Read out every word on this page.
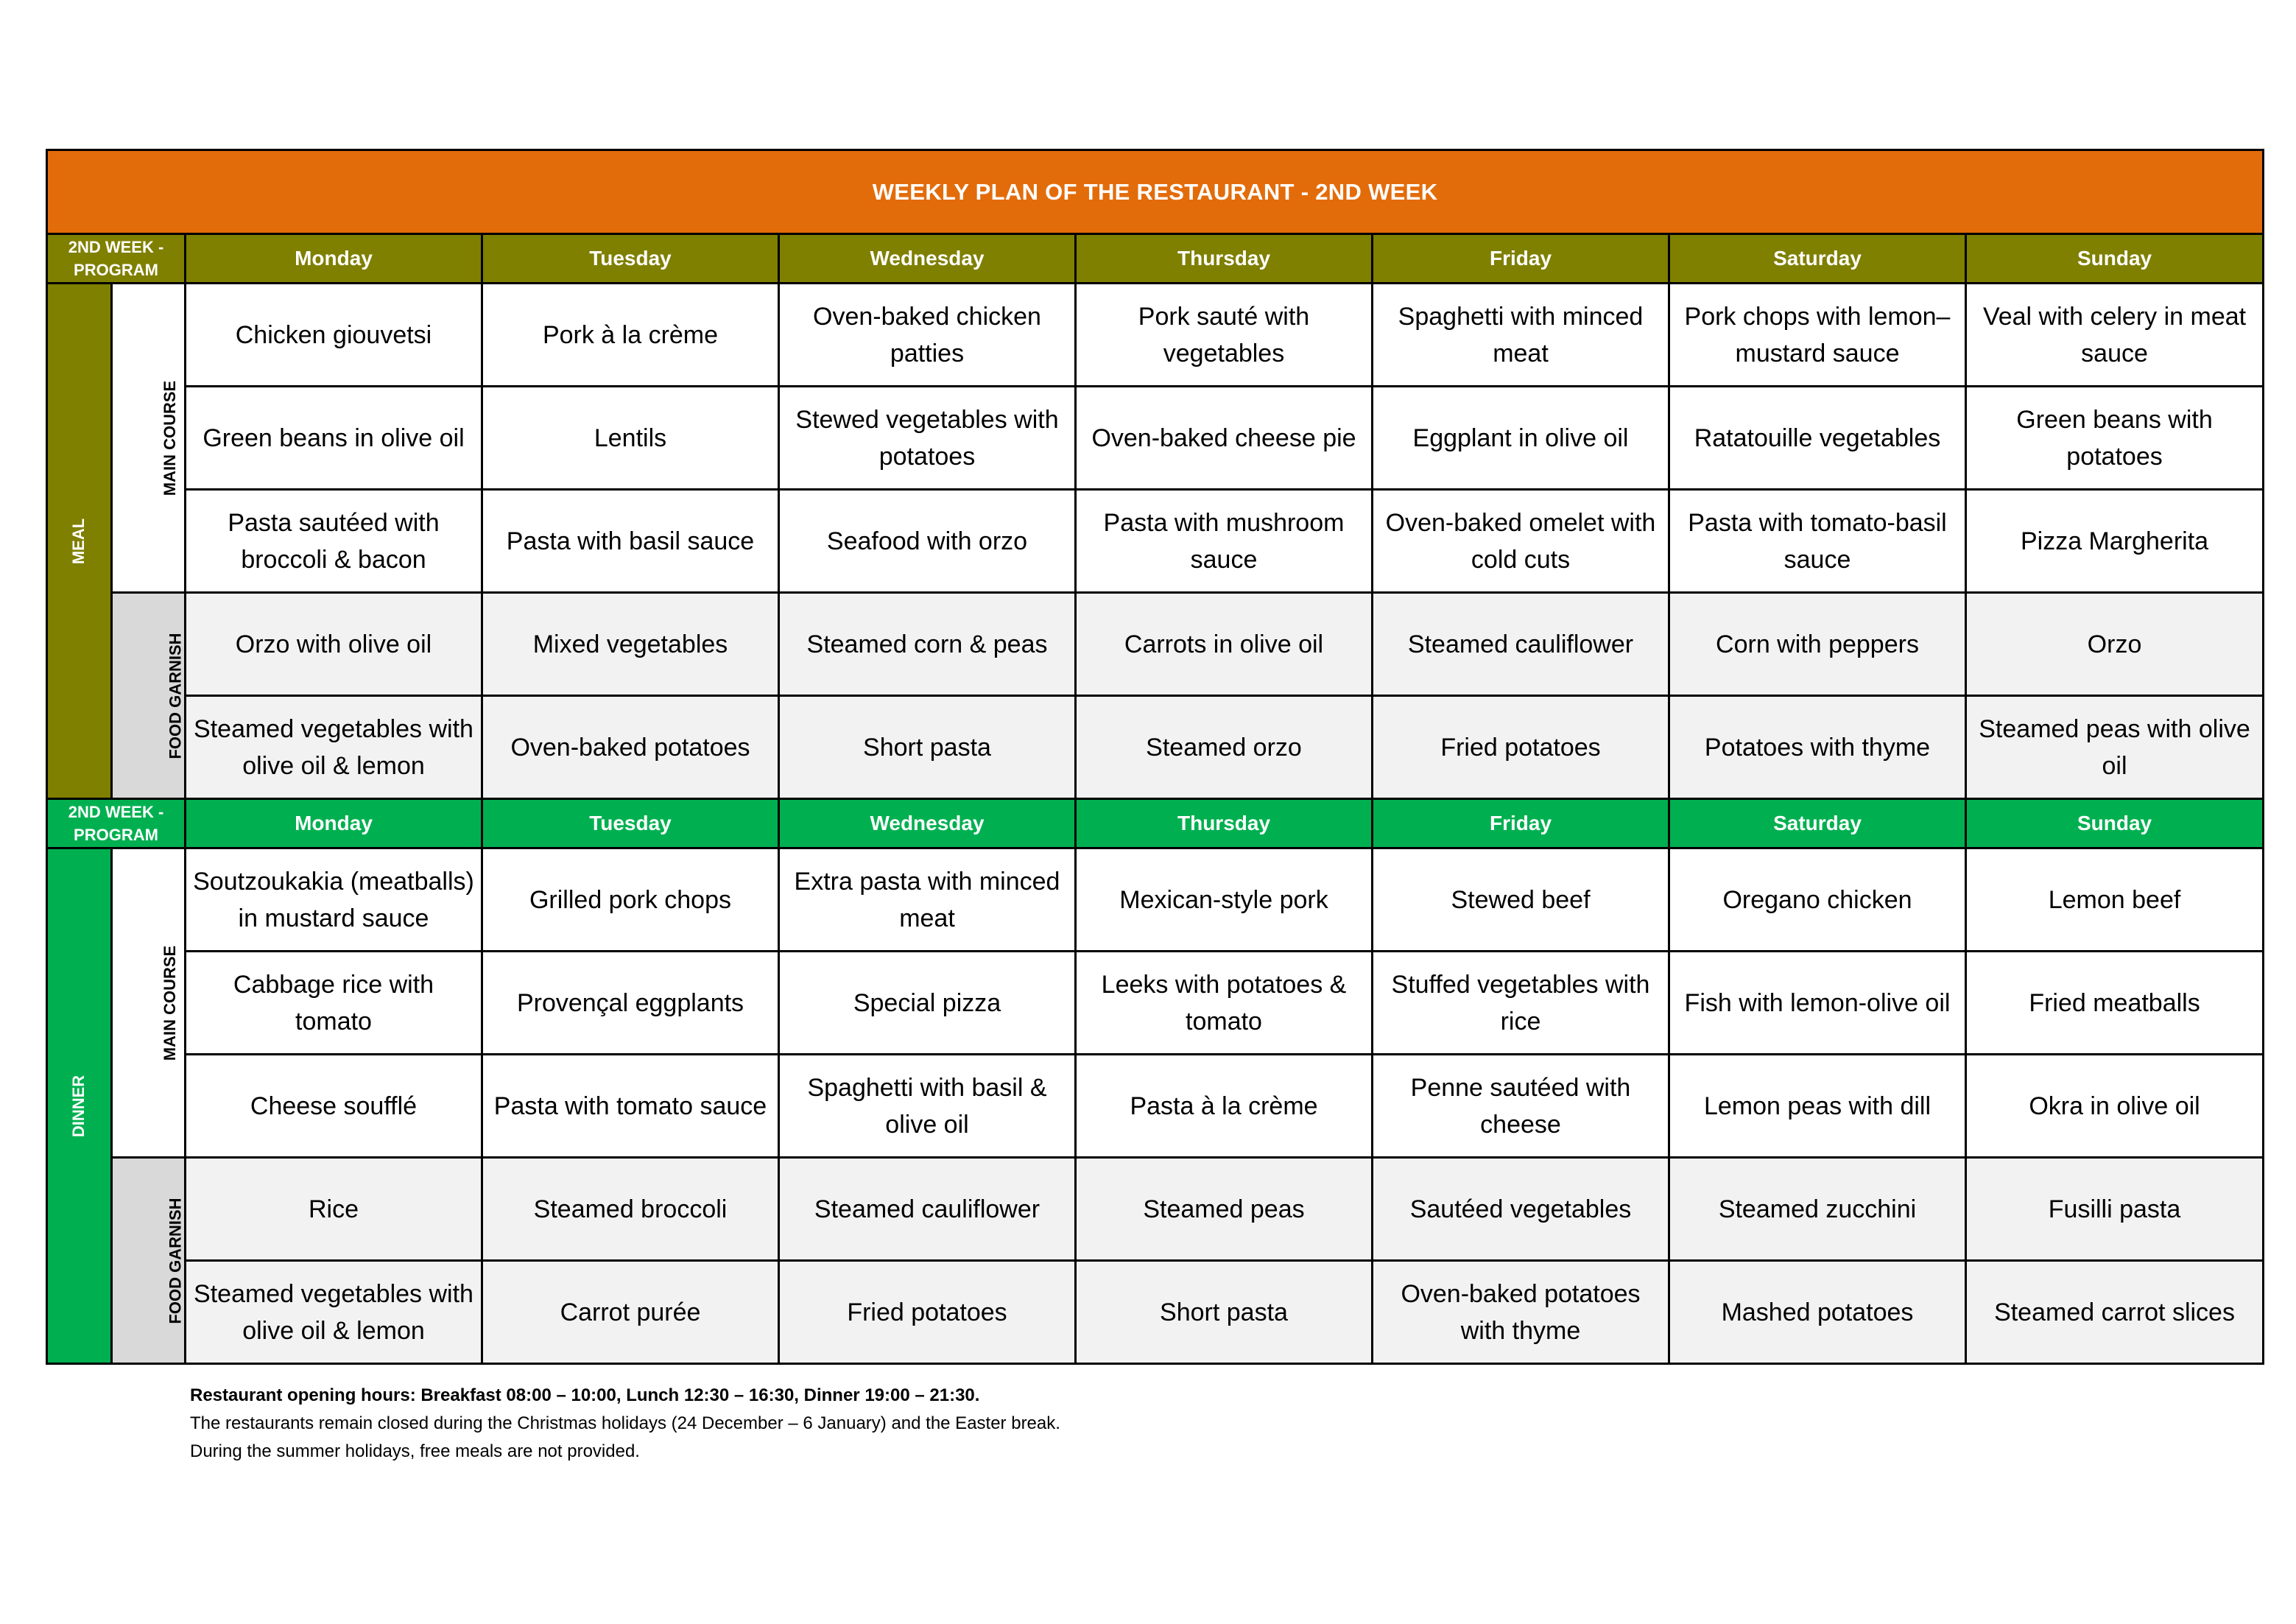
WEEKLY PLAN OF THE RESTAURANT - 2ND WEEK								
2ND WEEK -
PROGRAM		Monday	Tuesday	Wednesday	Thursday	Friday	Saturday	Sunday
MEAL	MAIN COURSE	Chicken giouvetsi	Pork à la crème	Oven-baked chicken patties	Pork sauté with vegetables	Spaghetti with minced meat	Pork chops with lemon–mustard sauce	Veal with celery in meat sauce
		Green beans in olive oil	Lentils	Stewed vegetables with potatoes	Oven-baked cheese pie	Eggplant in olive oil	Ratatouille vegetables	Green beans with potatoes
		Pasta sautéed with broccoli & bacon	Pasta with basil sauce	Seafood with orzo	Pasta with mushroom sauce	Oven-baked omelet with cold cuts	Pasta with tomato-basil sauce	Pizza Margherita
	FOOD GARNISH	Orzo with olive oil	Mixed vegetables	Steamed corn & peas	Carrots in olive oil	Steamed cauliflower	Corn with peppers	Orzo
		Steamed vegetables with olive oil & lemon	Oven-baked potatoes	Short pasta	Steamed orzo	Fried potatoes	Potatoes with thyme	Steamed peas with olive oil
2ND WEEK -
PROGRAM		Monday	Tuesday	Wednesday	Thursday	Friday	Saturday	Sunday
DINNER	MAIN COURSE	Soutzoukakia (meatballs) in mustard sauce	Grilled pork chops	Extra pasta with minced meat	Mexican-style pork	Stewed beef	Oregano chicken	Lemon beef
		Cabbage rice with tomato	Provençal eggplants	Special pizza	Leeks with potatoes & tomato	Stuffed vegetables with rice	Fish with lemon-olive oil	Fried meatballs
		Cheese soufflé	Pasta with tomato sauce	Spaghetti with basil & olive oil	Pasta à la crème	Penne sautéed with cheese	Lemon peas with dill	Okra in olive oil
	FOOD GARNISH	Rice	Steamed broccoli	Steamed cauliflower	Steamed peas	Sautéed vegetables	Steamed zucchini	Fusilli pasta
		Steamed vegetables with olive oil & lemon	Carrot purée	Fried potatoes	Short pasta	Oven-baked potatoes with thyme	Mashed potatoes	Steamed carrot slices
Restaurant opening hours: Breakfast 08:00 – 10:00, Lunch 12:30 – 16:30, Dinner 19:00 – 21:30.
The restaurants remain closed during the Christmas holidays (24 December – 6 January) and the Easter break.
During the summer holidays, free meals are not provided.
